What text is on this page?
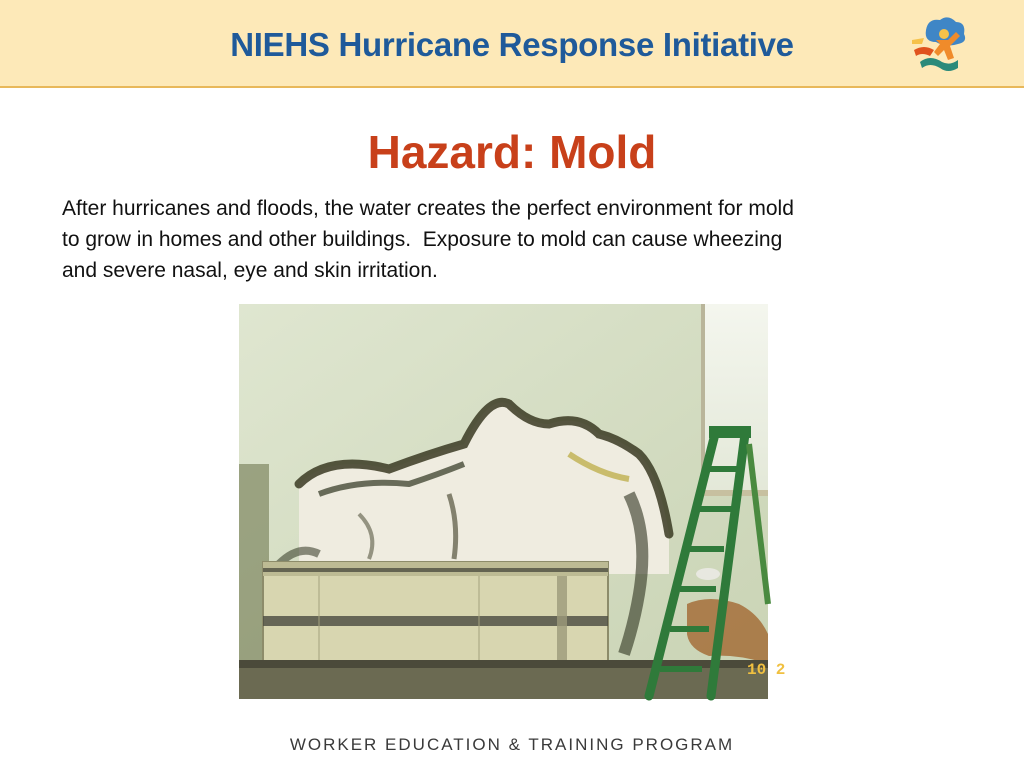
NIEHS Hurricane Response Initiative
Hazard: Mold
After hurricanes and floods, the water creates the perfect environment for mold
to grow in homes and other buildings.  Exposure to mold can cause wheezing
and severe nasal, eye and skin irritation.
10 2
WORKER EDUCATION & TRAINING PROGRAM
